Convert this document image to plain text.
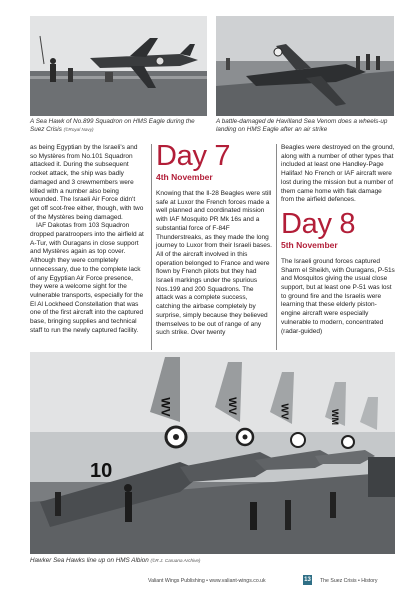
A Sea Hawk of No.899 Squadron on HMS Eagle during the Suez Crisis (©Royal Navy)
A battle-damaged de Havilland Sea Venom does a wheels-up landing on HMS Eagle after an air strike

as being Egyptian by the Israeli's and so Mystères from No.101 Squadron attacked it. During the subsequent rocket attack, the ship was badly damaged and 3 crewmembers were killed with a number also being wounded. The Israeli Air Force didn't get off scot-free either, though, with two of the Mystères being damaged.

IAF Dakotas from 103 Squadron dropped paratroopers into the airfield at A-Tur, with Ouragans in close support and Mystères again as top cover. Although they were completely unnecessary, due to the complete lack of any Egyptian Air Force presence, they were a welcome sight for the vulnerable transports, especially for the El Al Lockheed Constellation that was one of the first aircraft into the captured base, bringing supplies and technical staff to run the newly captured facility.

Day 7
4th November

Knowing that the Il-28 Beagles were still safe at Luxor the French forces made a well planned and coordinated mission with IAF Mosquito PR Mk 16s and a substantial force of F-84F Thunderstreaks, as they made the long journey to Luxor from their Israeli bases. All of the aircraft involved in this operation belonged to France and were flown by French pilots but they had Israeli markings under the spurious Nos.199 and 200 Squadrons. The attack was a complete success, catching the airbase completely by surprise, simply because they believed themselves to be out of range of any such strike. Over twenty

Beagles were destroyed on the ground, along with a number of other types that included at least one Handley-Page Halifax! No French or IAF aircraft were lost during the mission but a number of them came home with flak damage from the airfield defences.

Day 8
5th November

The Israeli ground forces captured Sharm el Sheikh, with Ouragans, P-51s and Mosquitos giving the usual close support, but at least one P-51 was lost to ground fire and the Israelis were learning that these elderly piston-engine aircraft were especially vulnerable to modern, concentrated (radar-guided)

10
WV	WV	WV	WM
Hawker Sea Hawks line up on HMS Albion (©R.J. Caruana Archive)
Valiant Wings Publishing • www.valiant-wings.co.uk	13 The Suez Crisis • History
